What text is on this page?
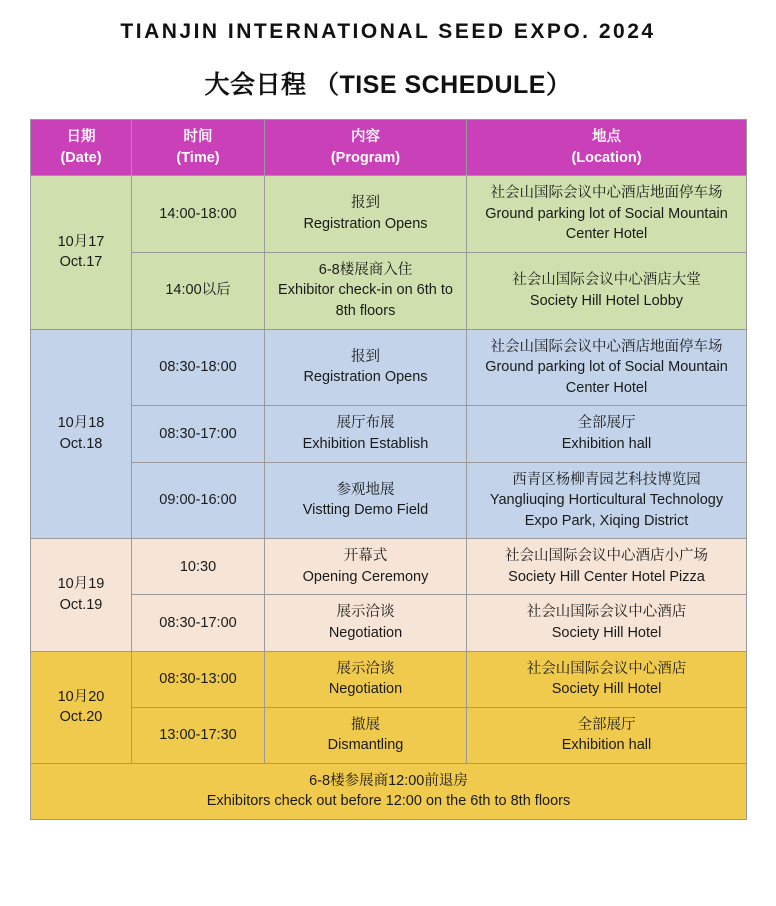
TIANJIN INTERNATIONAL SEED EXPO. 2024
大会日程 （TISE SCHEDULE）
日期
(Date)	时间
(Time)	内容
(Program)	地点
(Location)

10月17 Oct.17	14:00-18:00	报到
Registration Opens	社会山国际会议中心酒店地面停车场
Ground parking lot of Social Mountain Center Hotel

	14:00以后	6-8楼展商入住
Exhibitor check-in on 6th to 8th floors	社会山国际会议中心酒店大堂
Society Hill Hotel Lobby

10月18 Oct.18	08:30-18:00	报到
Registration Opens	社会山国际会议中心酒店地面停车场
Ground parking lot of Social Mountain Center Hotel

	08:30-17:00	展厅布展
Exhibition Establish	全部展厅
Exhibition hall

	09:00-16:00	参观地展
Vistting Demo Field	西青区杨柳青园艺科技博览园
Yangliuqing Horticultural Technology Expo Park, Xiqing District

10月19 Oct.19	10:30	开幕式
Opening Ceremony	社会山国际会议中心酒店小广场
Society Hill Center Hotel Pizza

	08:30-17:00	展示洽谈
Negotiation	社会山国际会议中心酒店
Society Hill Hotel

10月20
Oct.20	08:30-13:00	展示洽谈
Negotiation	社会山国际会议中心酒店
Society Hill Hotel

	13:00-17:30	撤展
Dismantling	全部展厅
Exhibition hall

6-8楼参展商12:00前退房
Exhibitors check out before 12:00 on the 6th to 8th floors			
